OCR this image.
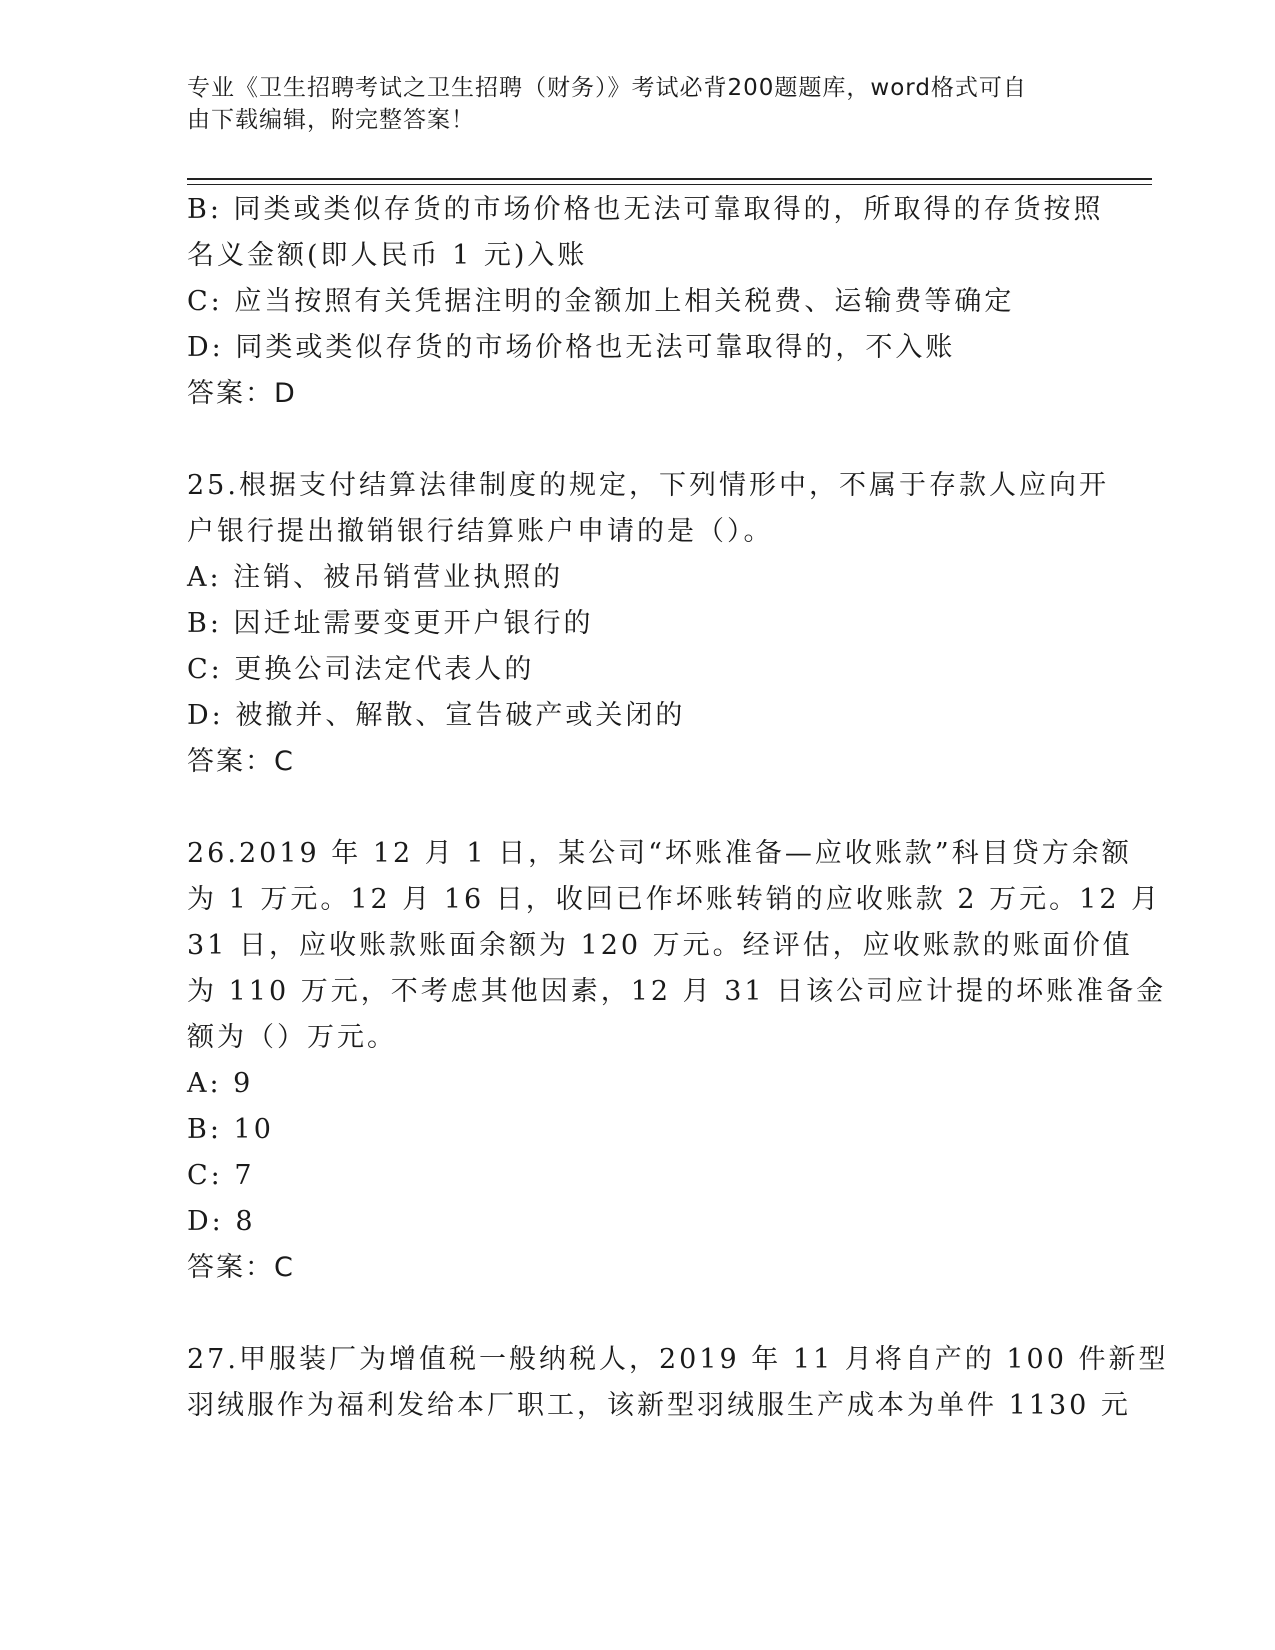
专业《卫生招聘考试之卫生招聘（财务）》考试必背200题题库，word格式可自
由下载编辑，附完整答案！
B: 同类或类似存货的市场价格也无法可靠取得的，所取得的存货按照
名义金额(即人民币 1 元)入账
C: 应当按照有关凭据注明的金额加上相关税费、运输费等确定
D: 同类或类似存货的市场价格也无法可靠取得的，不入账
答案：D
25.根据支付结算法律制度的规定，下列情形中，不属于存款人应向开
户银行提出撤销银行结算账户申请的是（）。
A: 注销、被吊销营业执照的
B: 因迁址需要变更开户银行的
C: 更换公司法定代表人的
D: 被撤并、解散、宣告破产或关闭的
答案：C
26.2019 年 12 月 1 日，某公司“坏账准备—应收账款”科目贷方余额
为 1 万元。12 月 16 日，收回已作坏账转销的应收账款 2 万元。12 月
31 日，应收账款账面余额为 120 万元。经评估，应收账款的账面价值
为 110 万元，不考虑其他因素，12 月 31 日该公司应计提的坏账准备金
额为（）万元。
A: 9
B: 10
C: 7
D: 8
答案：C
27.甲服装厂为增值税一般纳税人，2019 年 11 月将自产的 100 件新型
羽绒服作为福利发给本厂职工，该新型羽绒服生产成本为单件 1130 元
